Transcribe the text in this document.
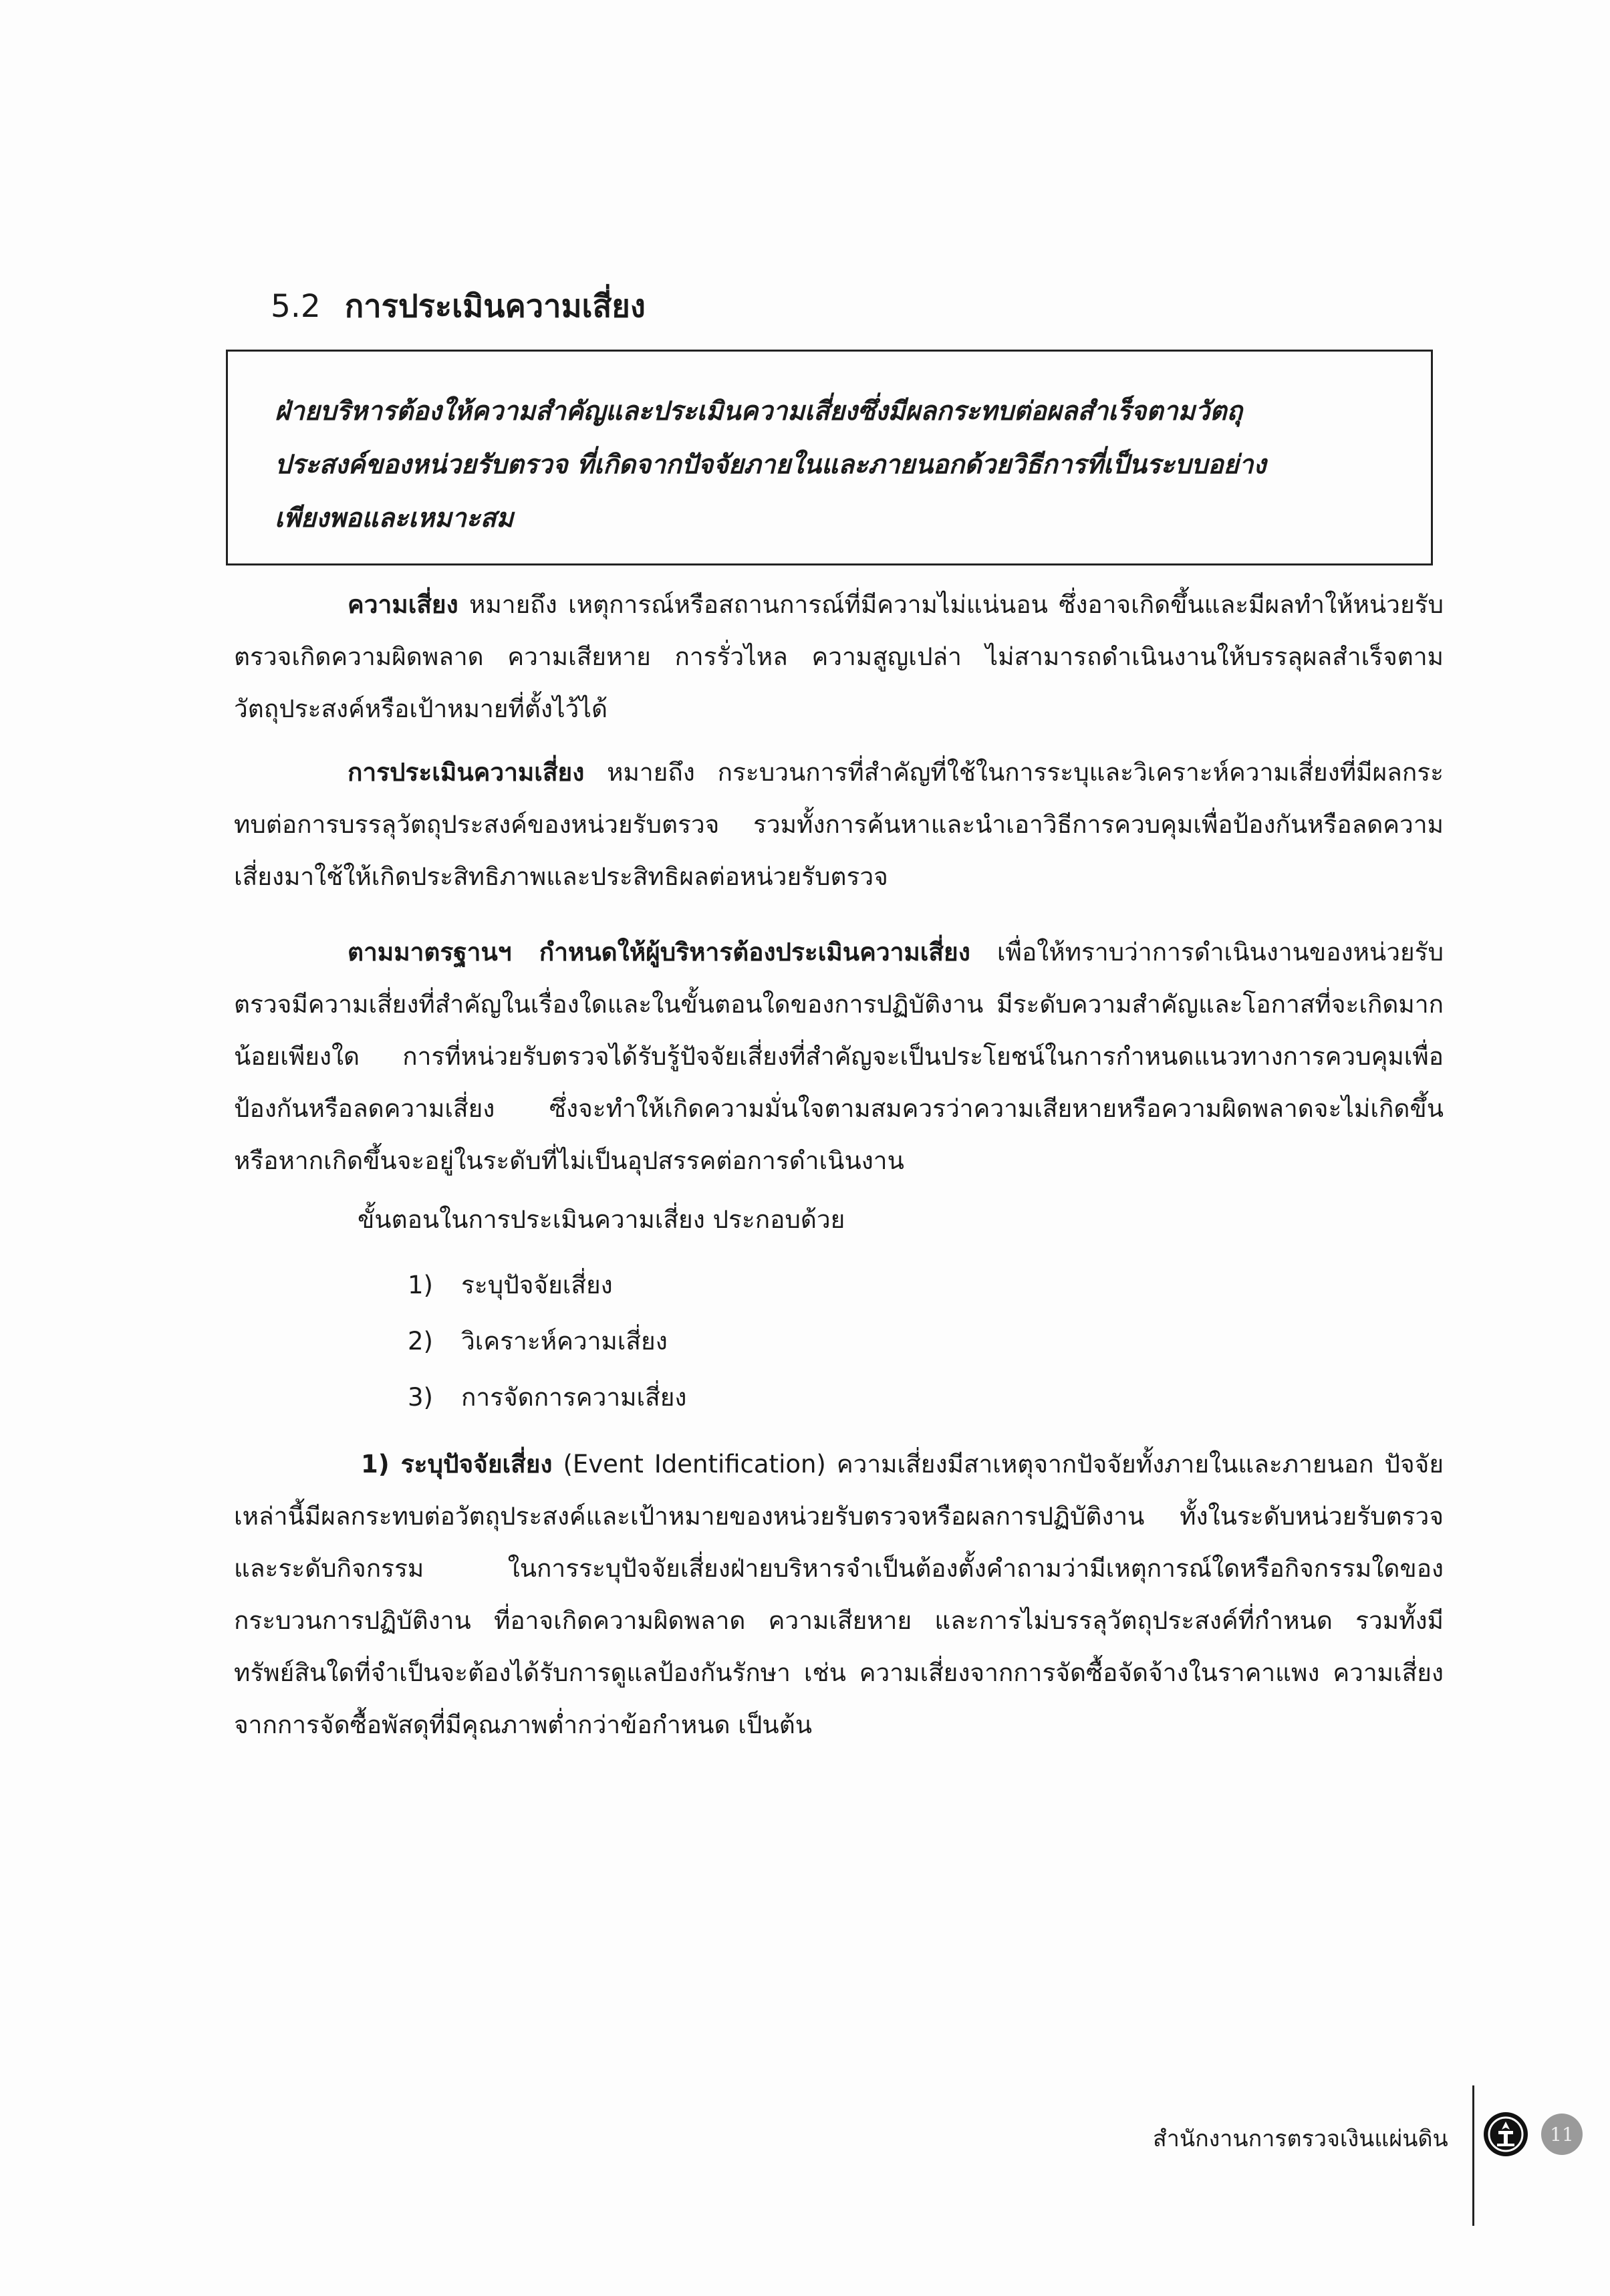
5.2 การประเมินความเสี่ยง

ฝ่ายบริหารต้องให้ความสำคัญและประเมินความเสี่ยงซึ่งมีผลกระทบต่อผลสำเร็จตามวัตถุ

ประสงค์ของหน่วยรับตรวจ ที่เกิดจากปัจจัยภายในและภายนอกด้วยวิธีการที่เป็นระบบอย่าง

เพียงพอและเหมาะสม

ความเสี่ยง หมายถึง เหตุการณ์หรือสถานการณ์ที่มีความไม่แน่นอน ซึ่งอาจเกิดขึ้นและมีผลทำให้หน่วยรับตรวจเกิดความผิดพลาด ความเสียหาย การรั่วไหล ความสูญเปล่า ไม่สามารถดำเนินงานให้บรรลุผลสำเร็จตามวัตถุประสงค์หรือเป้าหมายที่ตั้งไว้ได้

การประเมินความเสี่ยง หมายถึง กระบวนการที่สำคัญที่ใช้ในการระบุและวิเคราะห์ความเสี่ยงที่มีผลกระทบต่อการบรรลุวัตถุประสงค์ของหน่วยรับตรวจ รวมทั้งการค้นหาและนำเอาวิธีการควบคุมเพื่อป้องกันหรือลดความเสี่ยงมาใช้ให้เกิดประสิทธิภาพและประสิทธิผลต่อหน่วยรับตรวจ

ตามมาตรฐานฯ กำหนดให้ผู้บริหารต้องประเมินความเสี่ยง เพื่อให้ทราบว่าการดำเนินงานของหน่วยรับตรวจมีความเสี่ยงที่สำคัญในเรื่องใดและในขั้นตอนใดของการปฏิบัติงาน มีระดับความสำคัญและโอกาสที่จะเกิดมากน้อยเพียงใด การที่หน่วยรับตรวจได้รับรู้ปัจจัยเสี่ยงที่สำคัญจะเป็นประโยชน์ในการกำหนดแนวทางการควบคุมเพื่อป้องกันหรือลดความเสี่ยง ซึ่งจะทำให้เกิดความมั่นใจตามสมควรว่าความเสียหายหรือความผิดพลาดจะไม่เกิดขึ้น หรือหากเกิดขึ้นจะอยู่ในระดับที่ไม่เป็นอุปสรรคต่อการดำเนินงาน

ขั้นตอนในการประเมินความเสี่ยง ประกอบด้วย
1) ระบุปัจจัยเสี่ยง
2) วิเคราะห์ความเสี่ยง
3) การจัดการความเสี่ยง

1) ระบุปัจจัยเสี่ยง (Event Identification) ความเสี่ยงมีสาเหตุจากปัจจัยทั้งภายในและภายนอก ปัจจัยเหล่านี้มีผลกระทบต่อวัตถุประสงค์และเป้าหมายของหน่วยรับตรวจหรือผลการปฏิบัติงาน ทั้งในระดับหน่วยรับตรวจและระดับกิจกรรม ในการระบุปัจจัยเสี่ยงฝ่ายบริหารจำเป็นต้องตั้งคำถามว่ามีเหตุการณ์ใดหรือกิจกรรมใดของกระบวนการปฏิบัติงาน ที่อาจเกิดความผิดพลาด ความเสียหาย และการไม่บรรลุวัตถุประสงค์ที่กำหนด รวมทั้งมีทรัพย์สินใดที่จำเป็นจะต้องได้รับการดูแลป้องกันรักษา เช่น ความเสี่ยงจากการจัดซื้อจัดจ้างในราคาแพง ความเสี่ยงจากการจัดซื้อพัสดุที่มีคุณภาพต่ำกว่าข้อกำหนด เป็นต้น

สำนักงานการตรวจเงินแผ่นดิน	11
